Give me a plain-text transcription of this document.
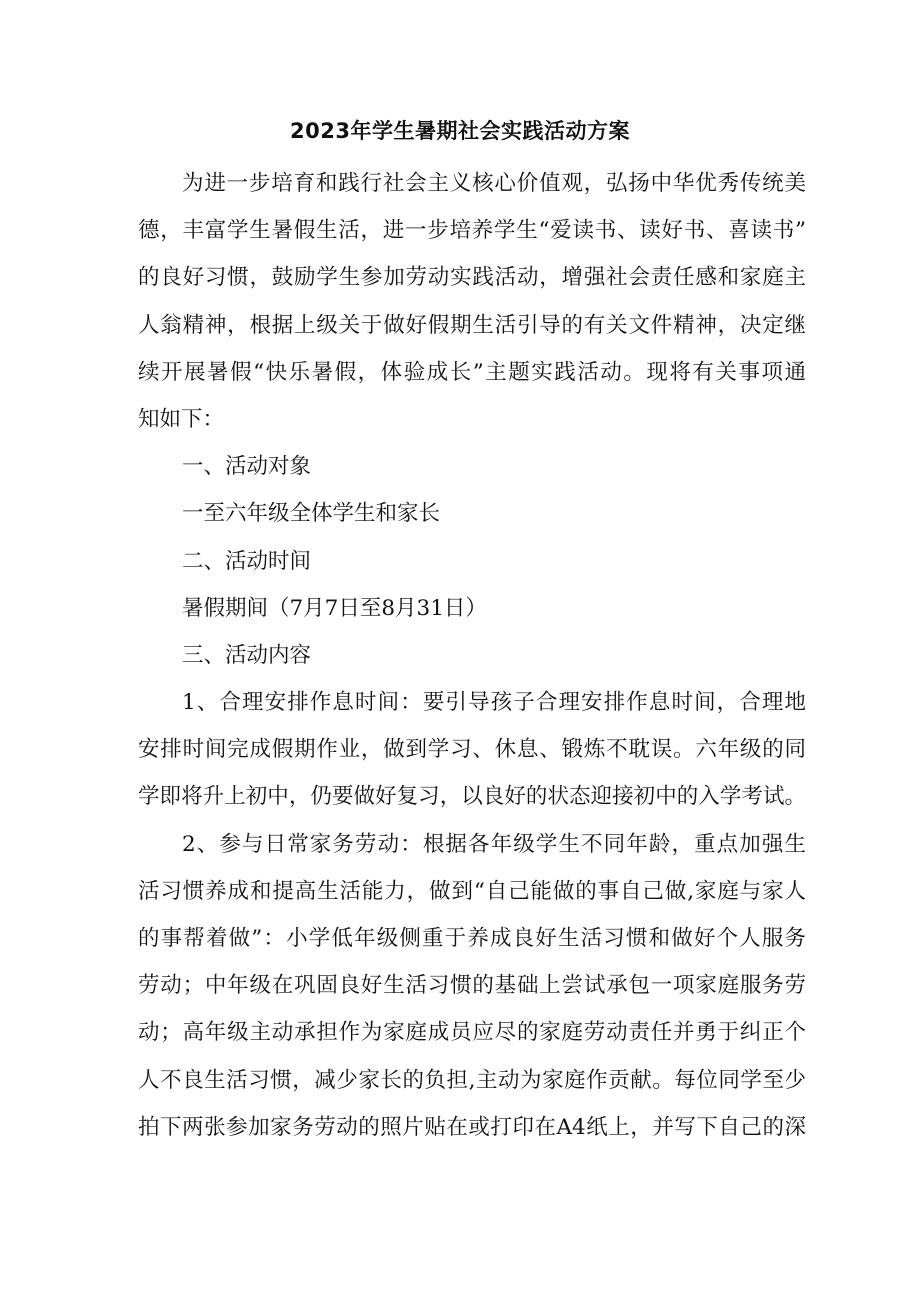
2023年学生暑期社会实践活动方案
为进一步培育和践行社会主义核心价值观，弘扬中华优秀传统美
德，丰富学生暑假生活，进一步培养学生“爱读书、读好书、喜读书”
的良好习惯，鼓励学生参加劳动实践活动，增强社会责任感和家庭主
人翁精神，根据上级关于做好假期生活引导的有关文件精神，决定继
续开展暑假“快乐暑假，体验成长”主题实践活动。现将有关事项通
知如下：
一、活动对象
一至六年级全体学生和家长
二、活动时间
暑假期间（7月7日至8月31日）
三、活动内容
1、合理安排作息时间：要引导孩子合理安排作息时间，合理地
安排时间完成假期作业，做到学习、休息、锻炼不耽误。六年级的同
学即将升上初中，仍要做好复习，以良好的状态迎接初中的入学考试。
2、参与日常家务劳动：根据各年级学生不同年龄，重点加强生
活习惯养成和提高生活能力，做到“自己能做的事自己做,家庭与家人
的事帮着做”：小学低年级侧重于养成良好生活习惯和做好个人服务
劳动；中年级在巩固良好生活习惯的基础上尝试承包一项家庭服务劳
动；高年级主动承担作为家庭成员应尽的家庭劳动责任并勇于纠正个
人不良生活习惯，减少家长的负担,主动为家庭作贡献。每位同学至少
拍下两张参加家务劳动的照片贴在或打印在A4纸上，并写下自己的深
